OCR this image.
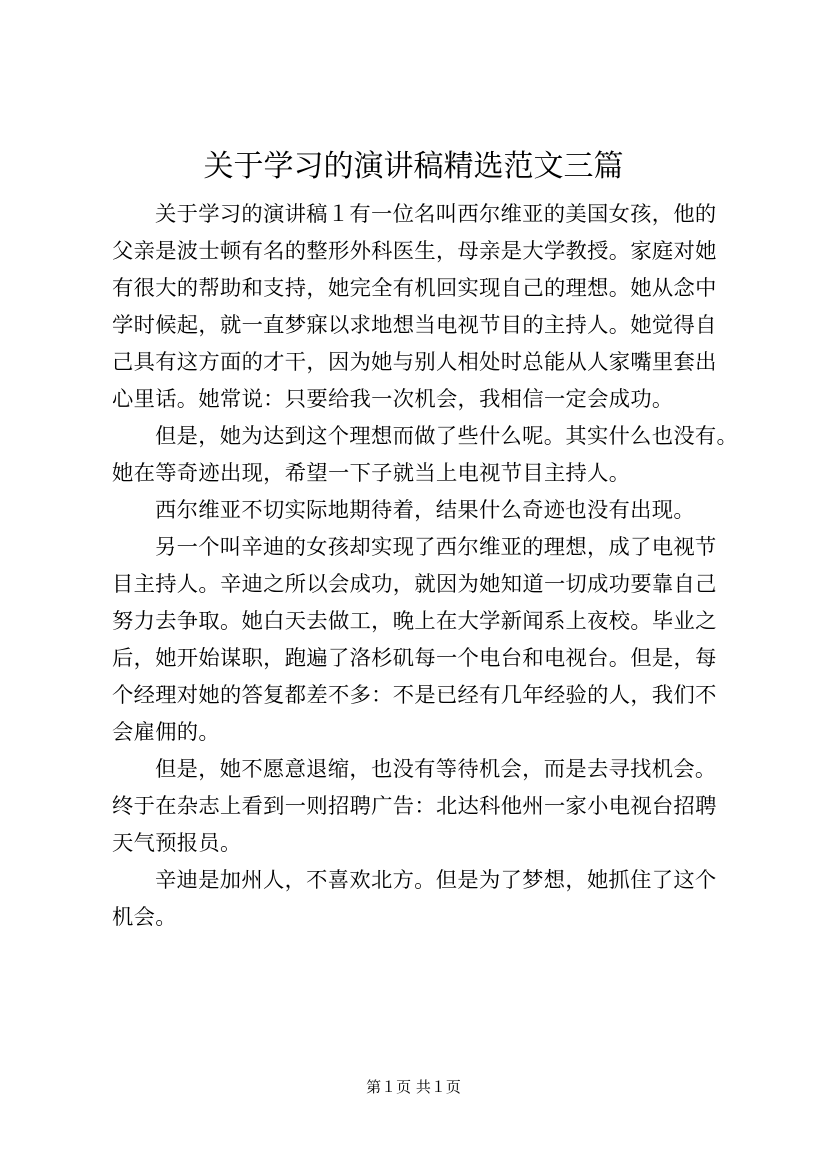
关于学习的演讲稿精选范文三篇
关于学习的演讲稿１有一位名叫西尔维亚的美国女孩，他的
父亲是波士顿有名的整形外科医生，母亲是大学教授。家庭对她
有很大的帮助和支持，她完全有机回实现自己的理想。她从念中
学时候起，就一直梦寐以求地想当电视节目的主持人。她觉得自
己具有这方面的才干，因为她与别人相处时总能从人家嘴里套出
心里话。她常说：只要给我一次机会，我相信一定会成功。
但是，她为达到这个理想而做了些什么呢。其实什么也没有。
她在等奇迹出现，希望一下子就当上电视节目主持人。
西尔维亚不切实际地期待着，结果什么奇迹也没有出现。
另一个叫辛迪的女孩却实现了西尔维亚的理想，成了电视节
目主持人。辛迪之所以会成功，就因为她知道一切成功要靠自己
努力去争取。她白天去做工，晚上在大学新闻系上夜校。毕业之
后，她开始谋职，跑遍了洛杉矶每一个电台和电视台。但是，每
个经理对她的答复都差不多：不是已经有几年经验的人，我们不
会雇佣的。
但是，她不愿意退缩，也没有等待机会，而是去寻找机会。
终于在杂志上看到一则招聘广告：北达科他州一家小电视台招聘
天气预报员。
辛迪是加州人，不喜欢北方。但是为了梦想，她抓住了这个
机会。
第１页 共１页
